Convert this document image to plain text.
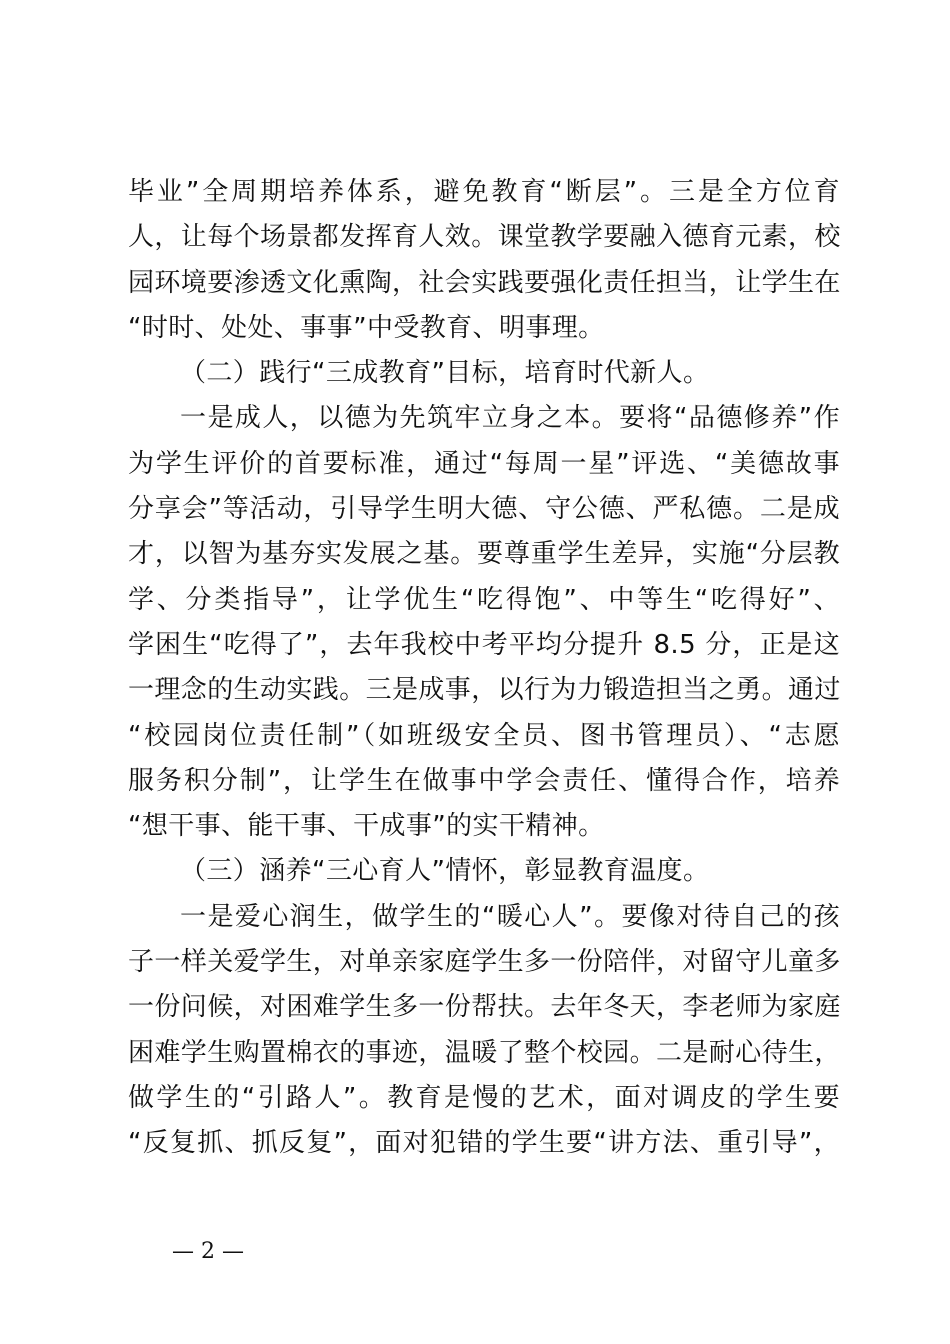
毕业”全周期培养体系，避免教育“断层”。三是全方位育
人，让每个场景都发挥育人效。课堂教学要融入德育元素，校
园环境要渗透文化熏陶，社会实践要强化责任担当，让学生在
“时时、处处、事事”中受教育、明事理。
（二）践行“三成教育”目标，培育时代新人。
一是成人，以德为先筑牢立身之本。要将“品德修养”作
为学生评价的首要标准，通过“每周一星”评选、“美德故事
分享会”等活动，引导学生明大德、守公德、严私德。二是成
才，以智为基夯实发展之基。要尊重学生差异，实施“分层教
学、分类指导”，让学优生“吃得饱”、中等生“吃得好”、
学困生“吃得了”，去年我校中考平均分提升 8.5 分，正是这
一理念的生动实践。三是成事，以行为力锻造担当之勇。通过
“校园岗位责任制”（如班级安全员、图书管理员）、“志愿
服务积分制”，让学生在做事中学会责任、懂得合作，培养
“想干事、能干事、干成事”的实干精神。
（三）涵养“三心育人”情怀，彰显教育温度。
一是爱心润生，做学生的“暖心人”。要像对待自己的孩
子一样关爱学生，对单亲家庭学生多一份陪伴，对留守儿童多
一份问候，对困难学生多一份帮扶。去年冬天，李老师为家庭
困难学生购置棉衣的事迹，温暖了整个校园。二是耐心待生，
做学生的“引路人”。教育是慢的艺术，面对调皮的学生要
“反复抓、抓反复”，面对犯错的学生要“讲方法、重引导”，
— 2 —
